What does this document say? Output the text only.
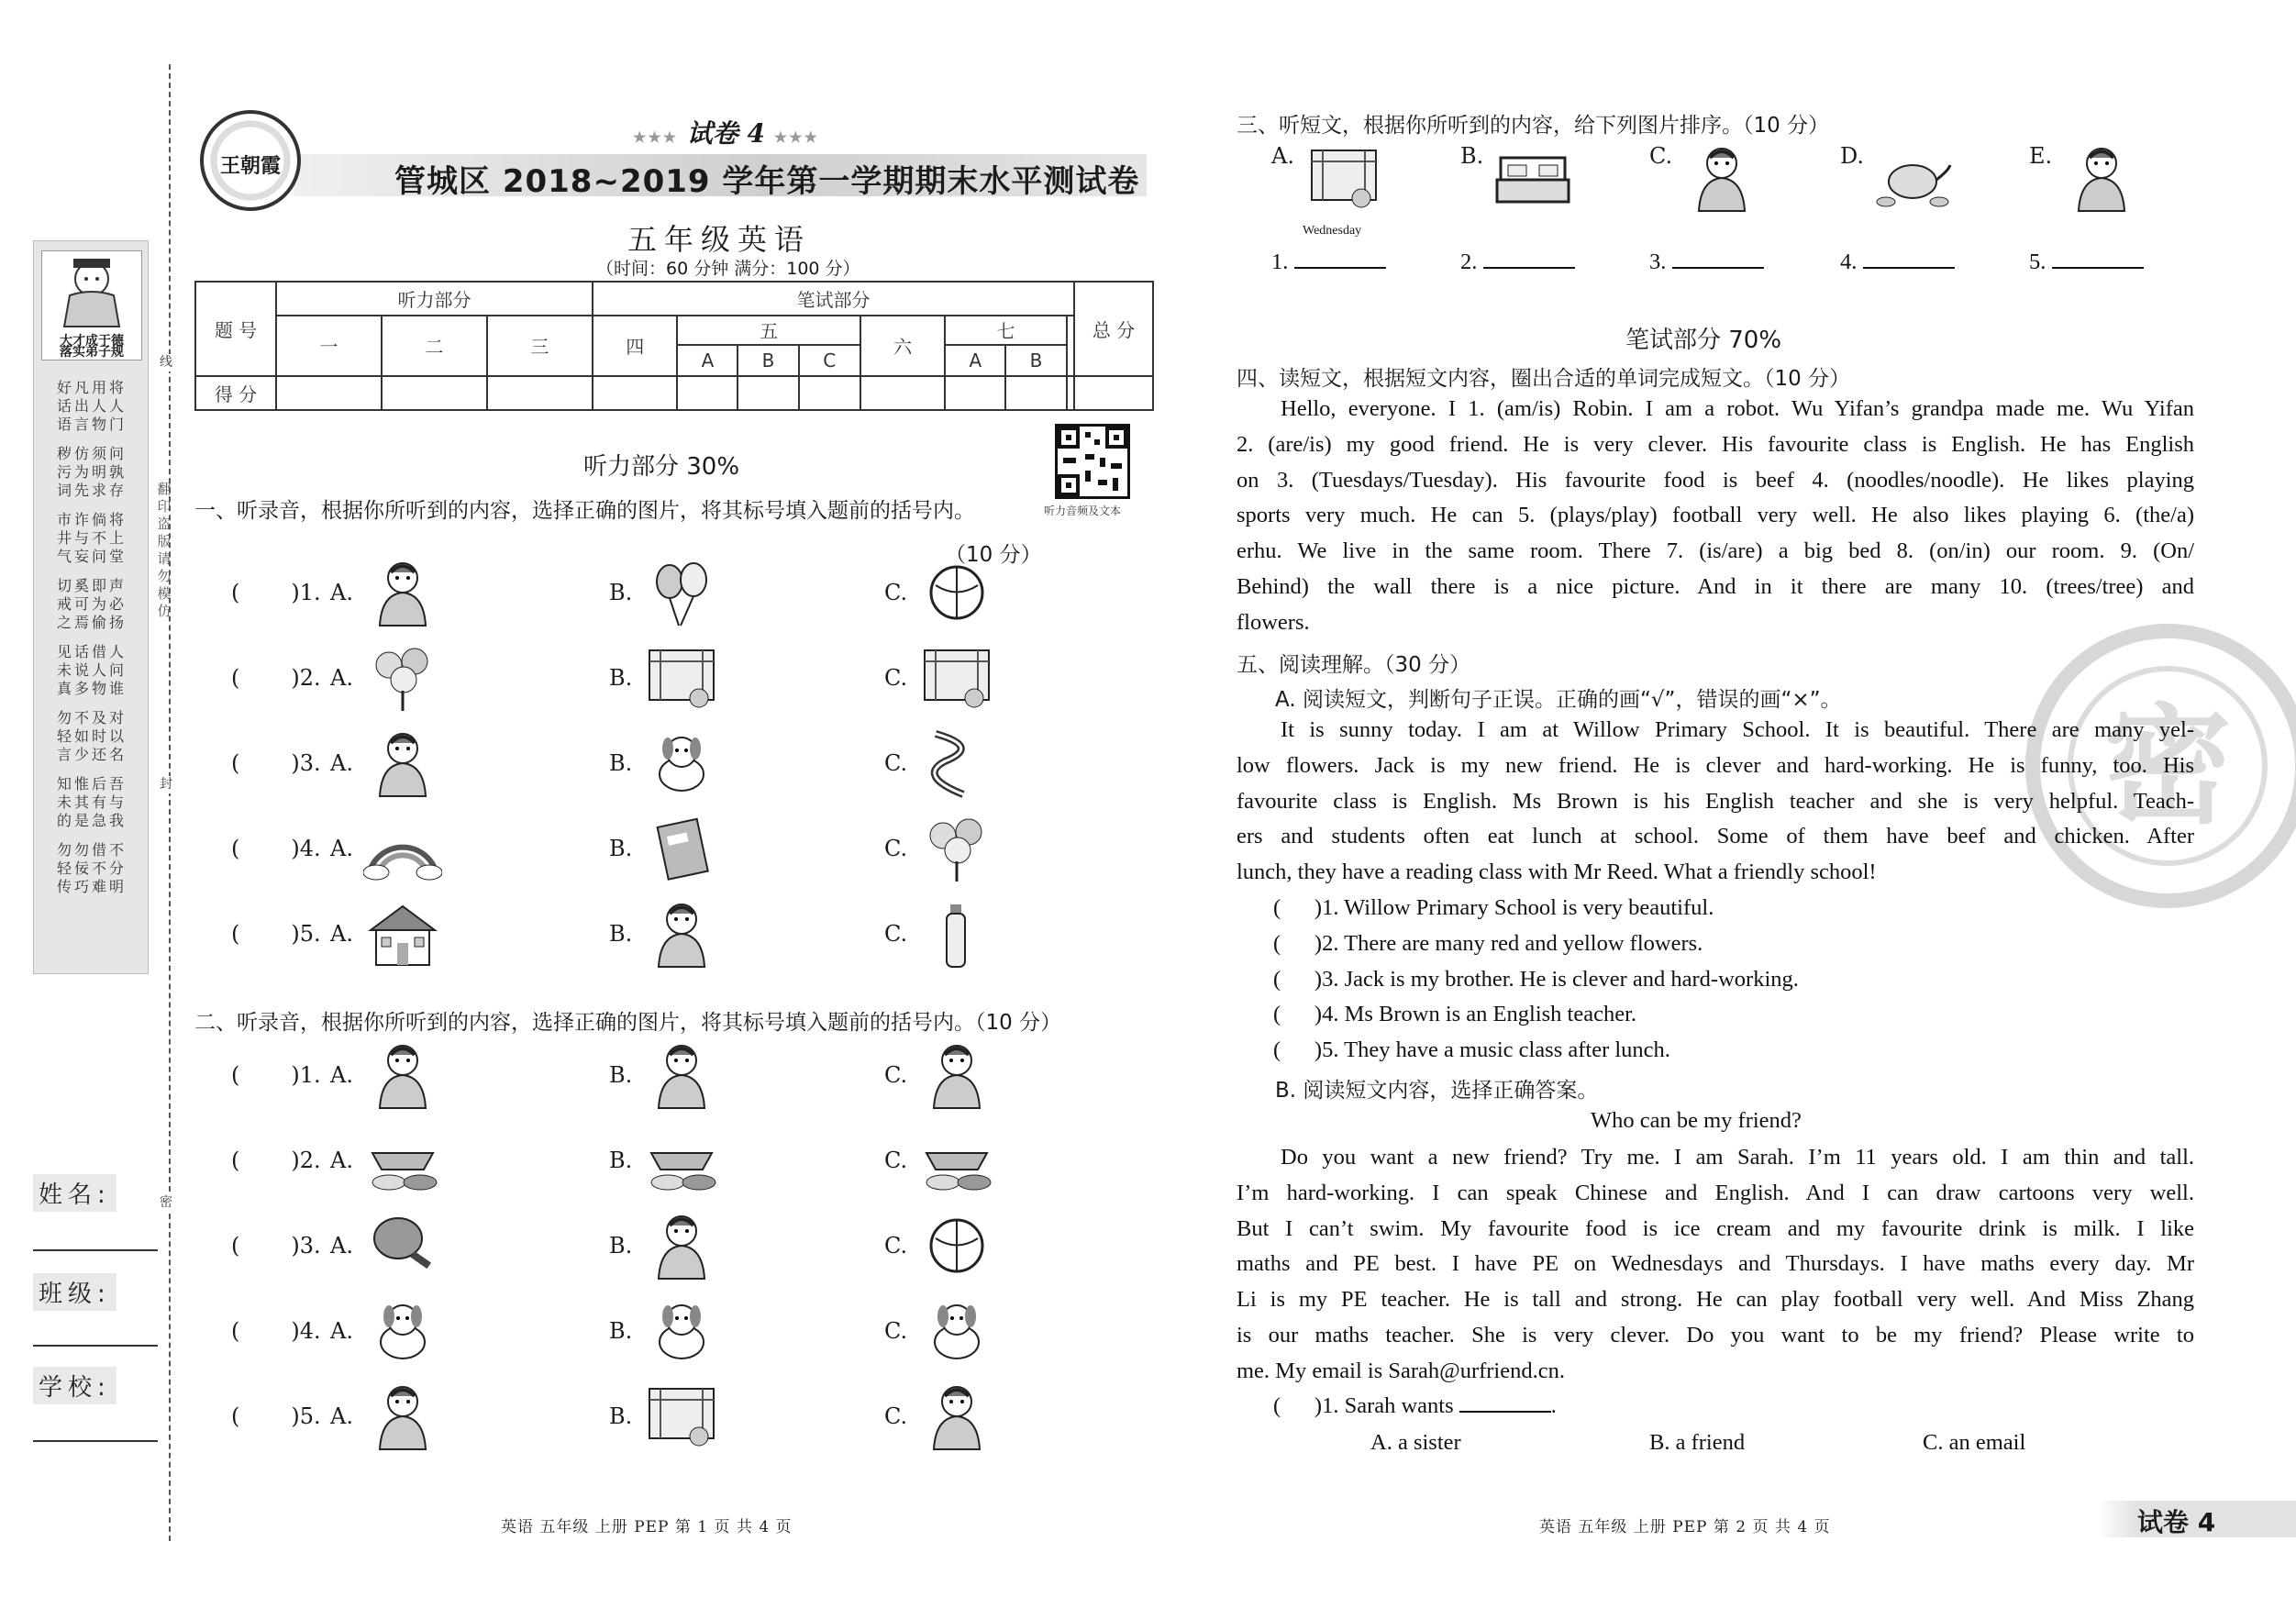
线
封
密
翻
印
盗
版
请
勿
模
仿
大才成于德
落实弟子规
好凡用将
话出人人
语言物门
秽仿须问
污为明孰
词先求存
市诈倘将
井与不上
气妄问堂
切奚即声
戒可为必
之焉偷扬
见话借人
未说人问
真多物谁
勿不及对
轻如时以
言少还名
知惟后吾
未其有与
的是急我
勿勿借不
轻佞不分
传巧难明
姓名:
班级:
学校:
王朝霞
★★★ 试卷 4 ★★★
管城区 2018~2019 学年第一学期期末水平测试卷
五年级英语
（时间：60 分钟 满分：100 分）
题 号	听力部分			笔试部分								总 分
	一	二	三	四	五			六	七			
					A	B	C		A	B		
得 分												
听力音频及文本
听力部分 30%
一、听录音，根据你所听到的内容，选择正确的图片，将其标号填入题前的括号内。
（10 分）
( )1. A.	B.	C.
( )2. A.	B.	C.
( )3. A.	B.	C.
( )4. A.	B.	C.
( )5. A.	B.	C.
二、听录音，根据你所听到的内容，选择正确的图片，将其标号填入题前的括号内。（10 分）
( )1. A.	B.	C.
( )2. A.	B.	C.
( )3. A.	B.	C.
( )4. A.	B.	C.
( )5. A.	B.	C.
英语 五年级 上册 PEP 第 1 页 共 4 页
密
三、听短文，根据你所听到的内容，给下列图片排序。（10 分）
A.
Wednesday
1.
B.
2.
C.
3.
D.
4.
E.
5.
笔试部分 70%
四、读短文，根据短文内容，圈出合适的单词完成短文。（10 分）
Hello, everyone. I 1. (am/is) Robin. I am a robot. Wu Yifan’s grandpa made me. Wu Yifan
2. (are/is) my good friend. He is very clever. His favourite class is English. He has English
on 3. (Tuesdays/Tuesday). His favourite food is beef 4. (noodles/noodle). He likes playing
sports very much. He can 5. (plays/play) football very well. He also likes playing 6. (the/a)
erhu. We live in the same room. There 7. (is/are) a big bed 8. (on/in) our room. 9. (On/
Behind) the wall there is a nice picture. And in it there are many 10. (trees/tree) and
flowers.
五、阅读理解。（30 分）
A. 阅读短文，判断句子正误。正确的画“√”，错误的画“×”。
It is sunny today. I am at Willow Primary School. It is beautiful. There are many yel-
low flowers. Jack is my new friend. He is clever and hard-working. He is funny, too. His
favourite class is English. Ms Brown is his English teacher and she is very helpful. Teach-
ers and students often eat lunch at school. Some of them have beef and chicken. After
lunch, they have a reading class with Mr Reed. What a friendly school!
(      )1. Willow Primary School is very beautiful.
(      )2. There are many red and yellow flowers.
(      )3. Jack is my brother. He is clever and hard-working.
(      )4. Ms Brown is an English teacher.
(      )5. They have a music class after lunch.
B. 阅读短文内容，选择正确答案。
Who can be my friend?
Do you want a new friend? Try me. I am Sarah. I’m 11 years old. I am thin and tall.
I’m hard-working. I can speak Chinese and English. And I can draw cartoons very well.
But I can’t swim. My favourite food is ice cream and my favourite drink is milk. I like
maths and PE best. I have PE on Wednesdays and Thursdays. I have maths every day. Mr
Li is my PE teacher. He is tall and strong. He can play football very well. And Miss Zhang
is our maths teacher. She is very clever. Do you want to be my friend? Please write to
me. My email is Sarah@urfriend.cn.
(      )1. Sarah wants	.
A. a sister	B. a friend	C. an email
英语 五年级 上册 PEP 第 2 页 共 4 页	试卷 4
